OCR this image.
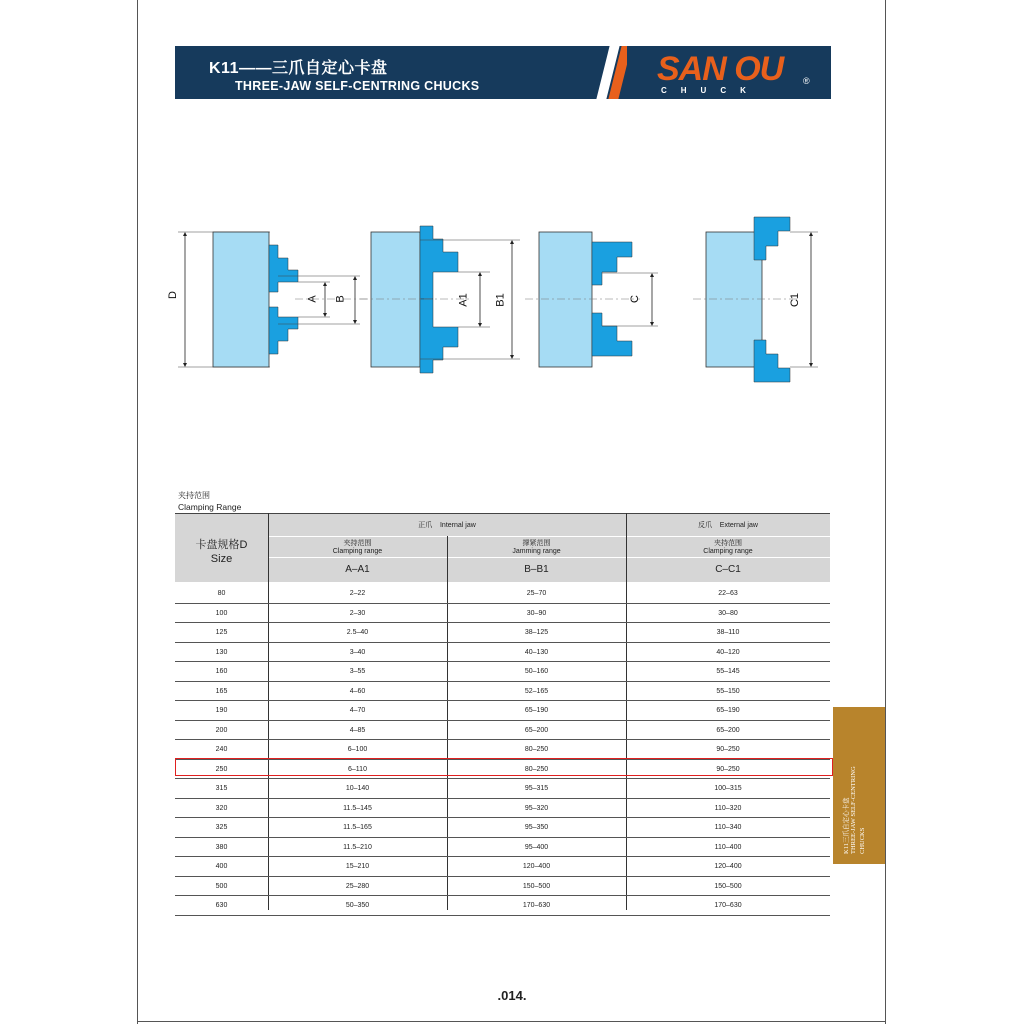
K11——三爪自定心卡盘
THREE-JAW SELF-CENTRING CHUCKS	SAN OU
CHUCK
®
D
A B	A1 B1	C	C1
夹持范围
Clamping Range
卡盘规格D
Size
正爪    Internal jaw	反爪    External jaw
夹持范围
Clamping range
撑紧范围
Jamming range
夹持范围
Clamping range
A–A1	B–B1	C–C1
80	2–22	25–70	22–63
100	2–30	30–90	30–80
125	2.5–40	38–125	38–110
130	3–40	40–130	40–120
160	3–55	50–160	55–145
165	4–60	52–165	55–150
190	4–70	65–190	65–190
200	4–85	65–200	65–200
240	6–100	80–250	90–250
250	6–110	80–250	90–250
315	10–140	95–315	100–315
320	11.5–145	95–320	110–320
325	11.5–165	95–350	110–340
380	11.5–210	95–400	110–400
400	15–210	120–400	120–400
500	25–280	150–500	150–500
630	50–350	170–630	170–630
K11三爪自定心卡盘 THREE-JAW SELF-CENTRING CHUCKS
.014.
